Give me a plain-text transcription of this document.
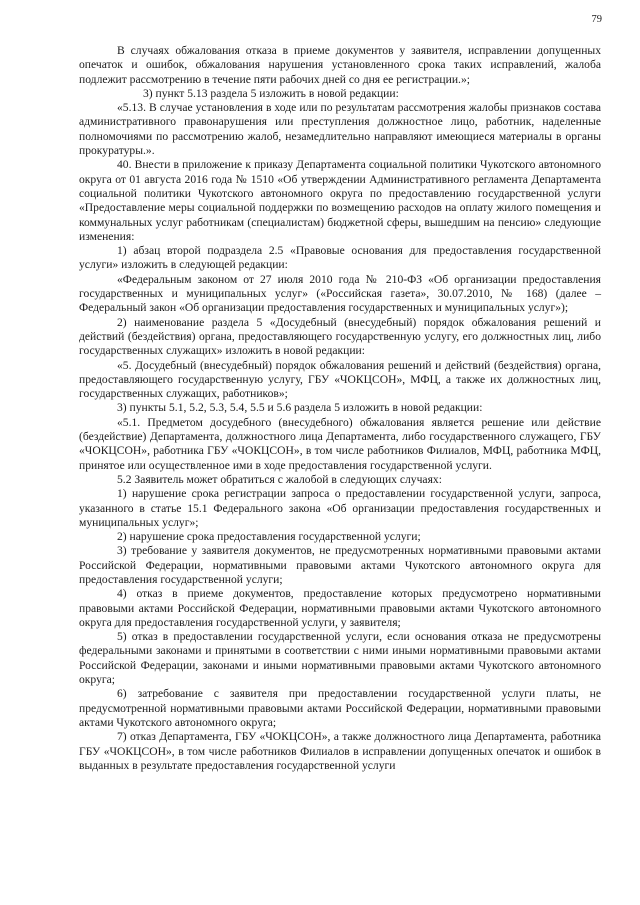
79

В случаях обжалования отказа в приеме документов у заявителя, исправлении допущенных опечаток и ошибок, обжалования нарушения установленного срока таких исправлений, жалоба подлежит рассмотрению в течение пяти рабочих дней со дня ее регистрации.»;

3) пункт 5.13 раздела 5 изложить в новой редакции:

«5.13. В случае установления в ходе или по результатам рассмотрения жалобы признаков состава административного правонарушения или преступления должностное лицо, работник, наделенные полномочиями по рассмотрению жалоб, незамедлительно направляют имеющиеся материалы в органы прокуратуры.».

40. Внести в приложение к приказу Департамента социальной политики Чукотского автономного округа от 01 августа 2016 года № 1510 «Об утверждении Административного регламента Департамента социальной политики Чукотского автономного округа по предоставлению государственной услуги «Предоставление меры социальной поддержки по возмещению расходов на оплату жилого помещения и коммунальных услуг работникам (специалистам) бюджетной сферы, вышедшим на пенсию» следующие изменения:

1) абзац второй подраздела 2.5 «Правовые основания для предоставления государственной услуги» изложить в следующей редакции:

«Федеральным законом от 27 июля 2010 года № 210-ФЗ «Об организации предоставления государственных и муниципальных услуг» («Российская газета», 30.07.2010, № 168) (далее – Федеральный закон «Об организации предоставления государственных и муниципальных услуг»);

2) наименование раздела 5 «Досудебный (внесудебный) порядок обжалования решений и действий (бездействия) органа, предоставляющего государственную услугу, его должностных лиц, либо государственных служащих» изложить в новой редакции:

«5. Досудебный (внесудебный) порядок обжалования решений и действий (бездействия) органа, предоставляющего государственную услугу, ГБУ «ЧОКЦСОН», МФЦ, а также их должностных лиц, государственных служащих, работников»;

3) пункты 5.1, 5.2, 5.3, 5.4, 5.5 и 5.6 раздела 5 изложить в новой редакции:

«5.1. Предметом досудебного (внесудебного) обжалования является решение или действие (бездействие) Департамента, должностного лица Департамента, либо государственного служащего, ГБУ «ЧОКЦСОН», работника ГБУ «ЧОКЦСОН», в том числе работников Филиалов, МФЦ, работника МФЦ, принятое или осуществленное ими в ходе предоставления государственной услуги.

5.2 Заявитель может обратиться с жалобой в следующих случаях:

1) нарушение срока регистрации запроса о предоставлении государственной услуги, запроса, указанного в статье 15.1 Федерального закона «Об организации предоставления государственных и муниципальных услуг»;

2) нарушение срока предоставления государственной услуги;

3) требование у заявителя документов, не предусмотренных нормативными правовыми актами Российской Федерации, нормативными правовыми актами Чукотского автономного округа для предоставления государственной услуги;

4) отказ в приеме документов, предоставление которых предусмотрено нормативными правовыми актами Российской Федерации, нормативными правовыми актами Чукотского автономного округа для предоставления государственной услуги, у заявителя;

5) отказ в предоставлении государственной услуги, если основания отказа не предусмотрены федеральными законами и принятыми в соответствии с ними иными нормативными правовыми актами Российской Федерации, законами и иными нормативными правовыми актами Чукотского автономного округа;

6) затребование с заявителя при предоставлении государственной услуги платы, не предусмотренной нормативными правовыми актами Российской Федерации, нормативными правовыми актами Чукотского автономного округа;

7) отказ Департамента, ГБУ «ЧОКЦСОН», а также должностного лица Департамента, работника ГБУ «ЧОКЦСОН», в том числе работников Филиалов в исправлении допущенных опечаток и ошибок в выданных в результате предоставления государственной услуги
